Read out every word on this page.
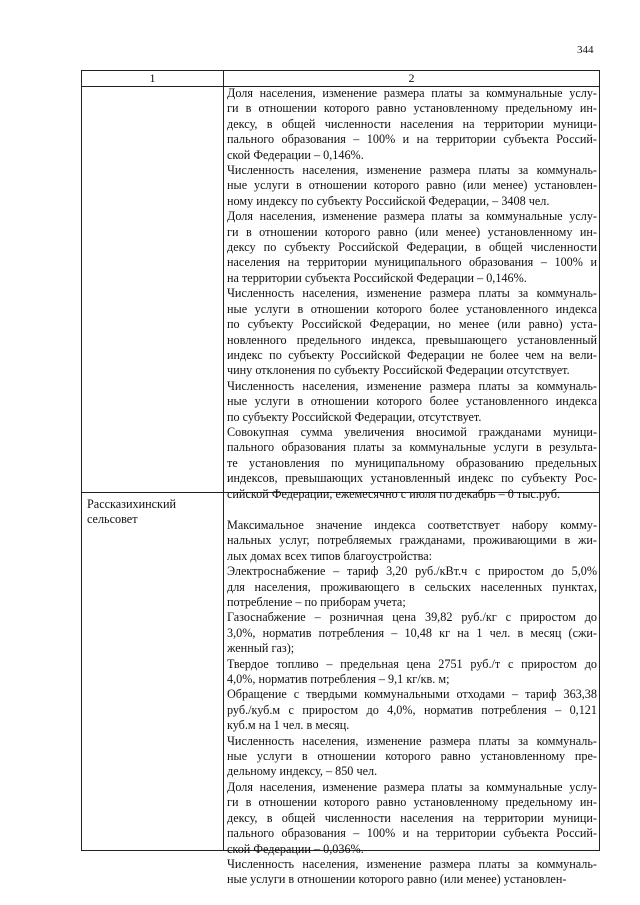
344
1	2
Рассказихинский
сельсовет
Доля населения, изменение размера платы за коммунальные услу-
ги в отношении которого равно установленному предельному ин-
дексу, в общей численности населения на территории муници-
пального образования – 100% и на территории субъекта Россий-
ской Федерации – 0,146%.
Численность населения, изменение размера платы за коммуналь-
ные услуги в отношении которого равно (или менее) установлен-
ному индексу по субъекту Российской Федерации, – 3408 чел.
Доля населения, изменение размера платы за коммунальные услу-
ги в отношении которого равно (или менее) установленному ин-
дексу по субъекту Российской Федерации, в общей численности
населения на территории муниципального образования – 100% и
на территории субъекта Российской Федерации – 0,146%.
Численность населения, изменение размера платы за коммуналь-
ные услуги в отношении которого более установленного индекса
по субъекту Российской Федерации, но менее (или равно) уста-
новленного предельного индекса, превышающего установленный
индекс по субъекту Российской Федерации не более чем на вели-
чину отклонения по субъекту Российской Федерации отсутствует.
Численность населения, изменение размера платы за коммуналь-
ные услуги в отношении которого более установленного индекса
по субъекту Российской Федерации, отсутствует.
Совокупная сумма увеличения вносимой гражданами муници-
пального образования платы за коммунальные услуги в результа-
те установления по муниципальному образованию предельных
индексов, превышающих установленный индекс по субъекту Рос-
сийской Федерации, ежемесячно с июля по декабрь – 0 тыс.руб.
Максимальное значение индекса соответствует набору комму-
нальных услуг, потребляемых гражданами, проживающими в жи-
лых домах всех типов благоустройства:
Электроснабжение – тариф 3,20 руб./кВт.ч с приростом до 5,0%
для населения, проживающего в сельских населенных пунктах,
потребление – по приборам учета;
Газоснабжение – розничная цена 39,82 руб./кг с приростом до
3,0%, норматив потребления – 10,48 кг на 1 чел. в месяц (сжи-
женный газ);
Твердое топливо – предельная цена 2751 руб./т с приростом до
4,0%, норматив потребления – 9,1 кг/кв. м;
Обращение с твердыми коммунальными отходами – тариф 363,38
руб./куб.м с приростом до 4,0%, норматив потребления – 0,121
куб.м на 1 чел. в месяц.
Численность населения, изменение размера платы за коммуналь-
ные услуги в отношении которого равно установленному пре-
дельному индексу, – 850 чел.
Доля населения, изменение размера платы за коммунальные услу-
ги в отношении которого равно установленному предельному ин-
дексу, в общей численности населения на территории муници-
пального образования – 100% и на территории субъекта Россий-
ской Федерации – 0,036%.
Численность населения, изменение размера платы за коммуналь-
ные услуги в отношении которого равно (или менее) установлен-
